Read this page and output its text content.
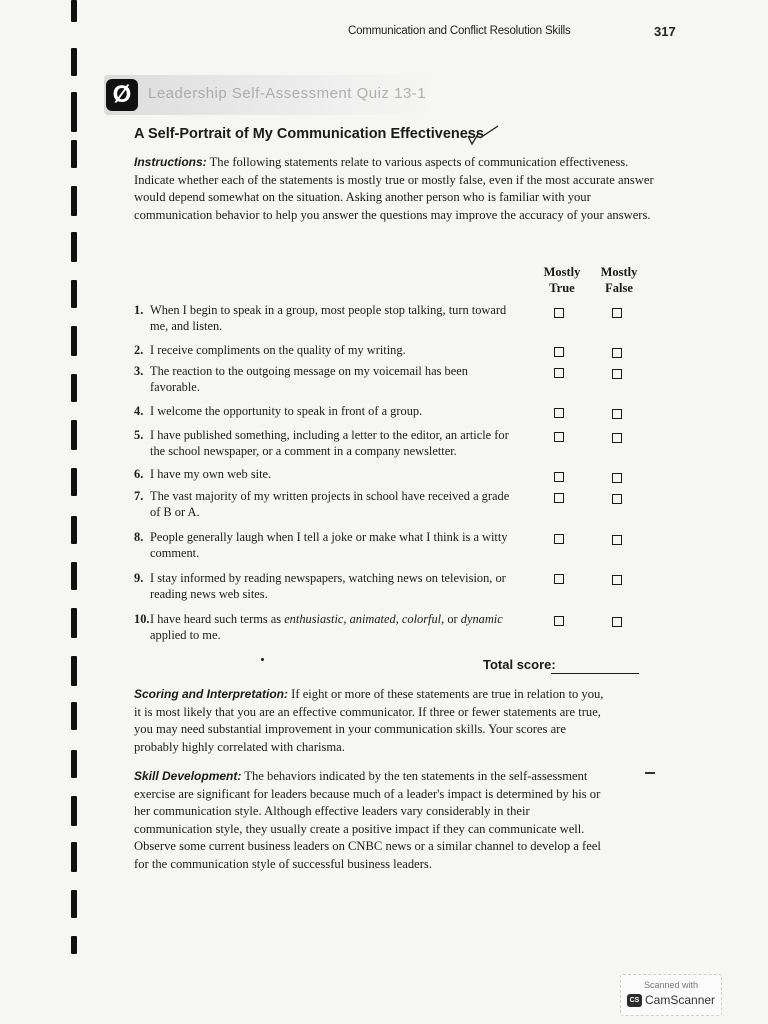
Communication and Conflict Resolution Skills	317
Ø	Leadership Self-Assessment Quiz 13-1
A Self-Portrait of My Communication Effectiveness
Instructions: The following statements relate to various aspects of communication effectiveness. Indicate whether each of the statements is mostly true or mostly false, even if the most accurate answer would depend somewhat on the situation. Asking another person who is familiar with your communication behavior to help you answer the questions may improve the accuracy of your answers.
Mostly True
Mostly False
1. When I begin to speak in a group, most people stop talking, turn toward me, and listen.
2. I receive compliments on the quality of my writing.
3. The reaction to the outgoing message on my voicemail has been favorable.
4. I welcome the opportunity to speak in front of a group.
5. I have published something, including a letter to the editor, an article for the school newspaper, or a comment in a company newsletter.
6. I have my own web site.
7. The vast majority of my written projects in school have received a grade of B or A.
8. People generally laugh when I tell a joke or make what I think is a witty comment.
9. I stay informed by reading newspapers, watching news on television, or reading news web sites.
10. I have heard such terms as enthusiastic, animated, colorful, or dynamic applied to me.
Total score:
Scoring and Interpretation: If eight or more of these statements are true in relation to you, it is most likely that you are an effective communicator. If three or fewer statements are true, you may need substantial improvement in your communication skills. Your scores are probably highly correlated with charisma.
Skill Development: The behaviors indicated by the ten statements in the self-assessment exercise are significant for leaders because much of a leader's impact is determined by his or her communication style. Although effective leaders vary considerably in their communication style, they usually create a positive impact if they can communicate well. Observe some current business leaders on CNBC news or a similar channel to develop a feel for the communication style of successful business leaders.
Scanned with
CS CamScanner
